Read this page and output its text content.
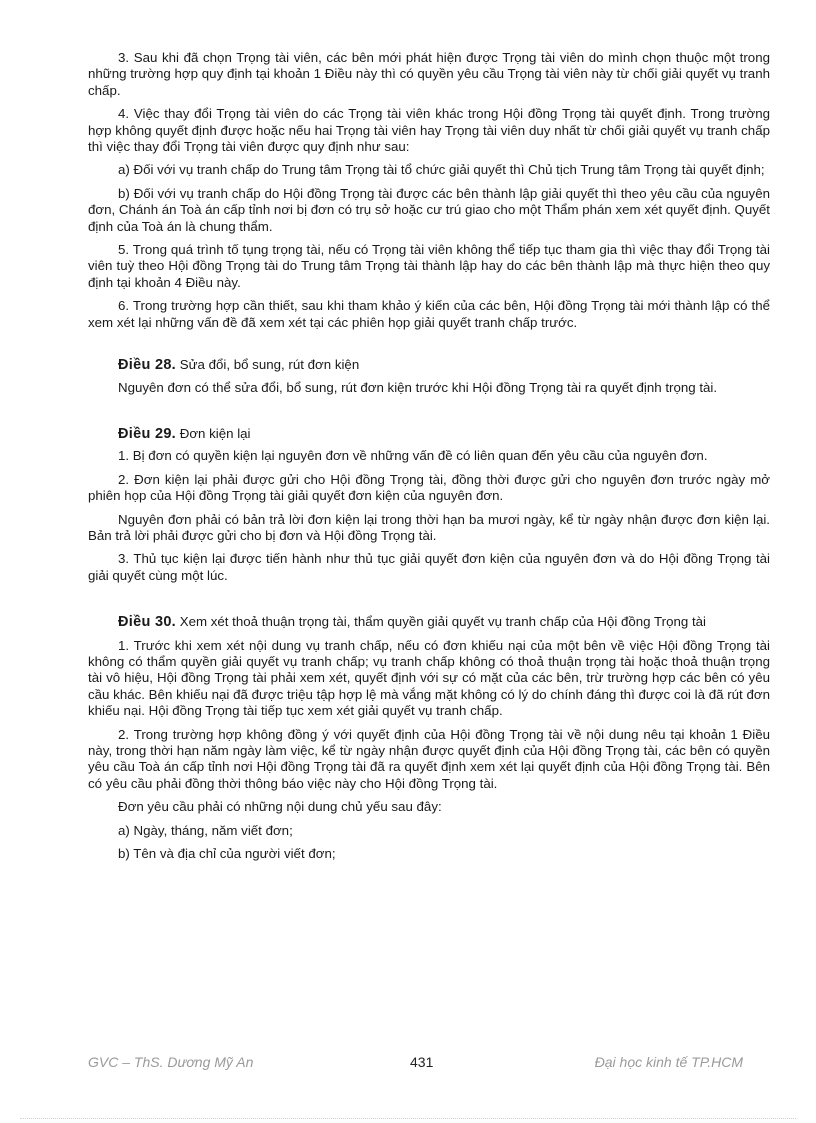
3. Sau khi đã chọn Trọng tài viên, các bên mới phát hiện được Trọng tài viên do mình chọn thuộc một trong những trường hợp quy định tại khoản 1 Điều này thì có quyền yêu cầu Trọng tài viên này từ chối giải quyết vụ tranh chấp.

4. Việc thay đổi Trọng tài viên do các Trọng tài viên khác trong Hội đồng Trọng tài quyết định. Trong trường hợp không quyết định được hoặc nếu hai Trọng tài viên hay Trọng tài viên duy nhất từ chối giải quyết vụ tranh chấp thì việc thay đổi Trọng tài viên được quy định như sau:

a) Đối với vụ tranh chấp do Trung tâm Trọng tài tổ chức giải quyết thì Chủ tịch Trung tâm Trọng tài quyết định;

b) Đối với vụ tranh chấp do Hội đồng Trọng tài được các bên thành lập giải quyết thì theo yêu cầu của nguyên đơn, Chánh án Toà án cấp tỉnh nơi bị đơn có trụ sở hoặc cư trú giao cho một Thẩm phán xem xét quyết định. Quyết định của Toà án là chung thẩm.

5. Trong quá trình tố tụng trọng tài, nếu có Trọng tài viên không thể tiếp tục tham gia thì việc thay đổi Trọng tài viên tuỳ theo Hội đồng Trọng tài do Trung tâm Trọng tài thành lập hay do các bên thành lập mà thực hiện theo quy định tại khoản 4 Điều này.

6. Trong trường hợp cần thiết, sau khi tham khảo ý kiến của các bên, Hội đồng Trọng tài mới thành lập có thể xem xét lại những vấn đề đã xem xét tại các phiên họp giải quyết tranh chấp trước.

Điều 28. Sửa đổi, bổ sung, rút đơn kiện

Nguyên đơn có thể sửa đổi, bổ sung, rút đơn kiện trước khi Hội đồng Trọng tài ra quyết định trọng tài.

Điều 29. Đơn kiện lại

1. Bị đơn có quyền kiện lại nguyên đơn về những vấn đề có liên quan đến yêu cầu của nguyên đơn.

2. Đơn kiện lại phải được gửi cho Hội đồng Trọng tài, đồng thời được gửi cho nguyên đơn trước ngày mở phiên họp của Hội đồng Trọng tài giải quyết đơn kiện của nguyên đơn.

Nguyên đơn phải có bản trả lời đơn kiện lại trong thời hạn ba mươi ngày, kể từ ngày nhận được đơn kiện lại. Bản trả lời phải được gửi cho bị đơn và Hội đồng Trọng tài.

3. Thủ tục kiện lại được tiến hành như thủ tục giải quyết đơn kiện của nguyên đơn và do Hội đồng Trọng tài giải quyết cùng một lúc.

Điều 30. Xem xét thoả thuận trọng tài, thẩm quyền giải quyết vụ tranh chấp của Hội đồng Trọng tài

1. Trước khi xem xét nội dung vụ tranh chấp, nếu có đơn khiếu nại của một bên về việc Hội đồng Trọng tài không có thẩm quyền giải quyết vụ tranh chấp; vụ tranh chấp không có thoả thuận trọng tài hoặc thoả thuận trọng tài vô hiệu, Hội đồng Trọng tài phải xem xét, quyết định với sự có mặt của các bên, trừ trường hợp các bên có yêu cầu khác. Bên khiếu nại đã được triệu tập hợp lệ mà vắng mặt không có lý do chính đáng thì được coi là đã rút đơn khiếu nại. Hội đồng Trọng tài tiếp tục xem xét giải quyết vụ tranh chấp.

2. Trong trường hợp không đồng ý với quyết định của Hội đồng Trọng tài về nội dung nêu tại khoản 1 Điều này, trong thời hạn năm ngày làm việc, kể từ ngày nhận được quyết định của Hội đồng Trọng tài, các bên có quyền yêu cầu Toà án cấp tỉnh nơi Hội đồng Trọng tài đã ra quyết định xem xét lại quyết định của Hội đồng Trọng tài. Bên có yêu cầu phải đồng thời thông báo việc này cho Hội đồng Trọng tài.

Đơn yêu cầu phải có những nội dung chủ yếu sau đây:

a) Ngày, tháng, năm viết đơn;

b) Tên và địa chỉ của người viết đơn;

GVC – ThS. Dương Mỹ An	431	Đại học kinh tế TP.HCM
